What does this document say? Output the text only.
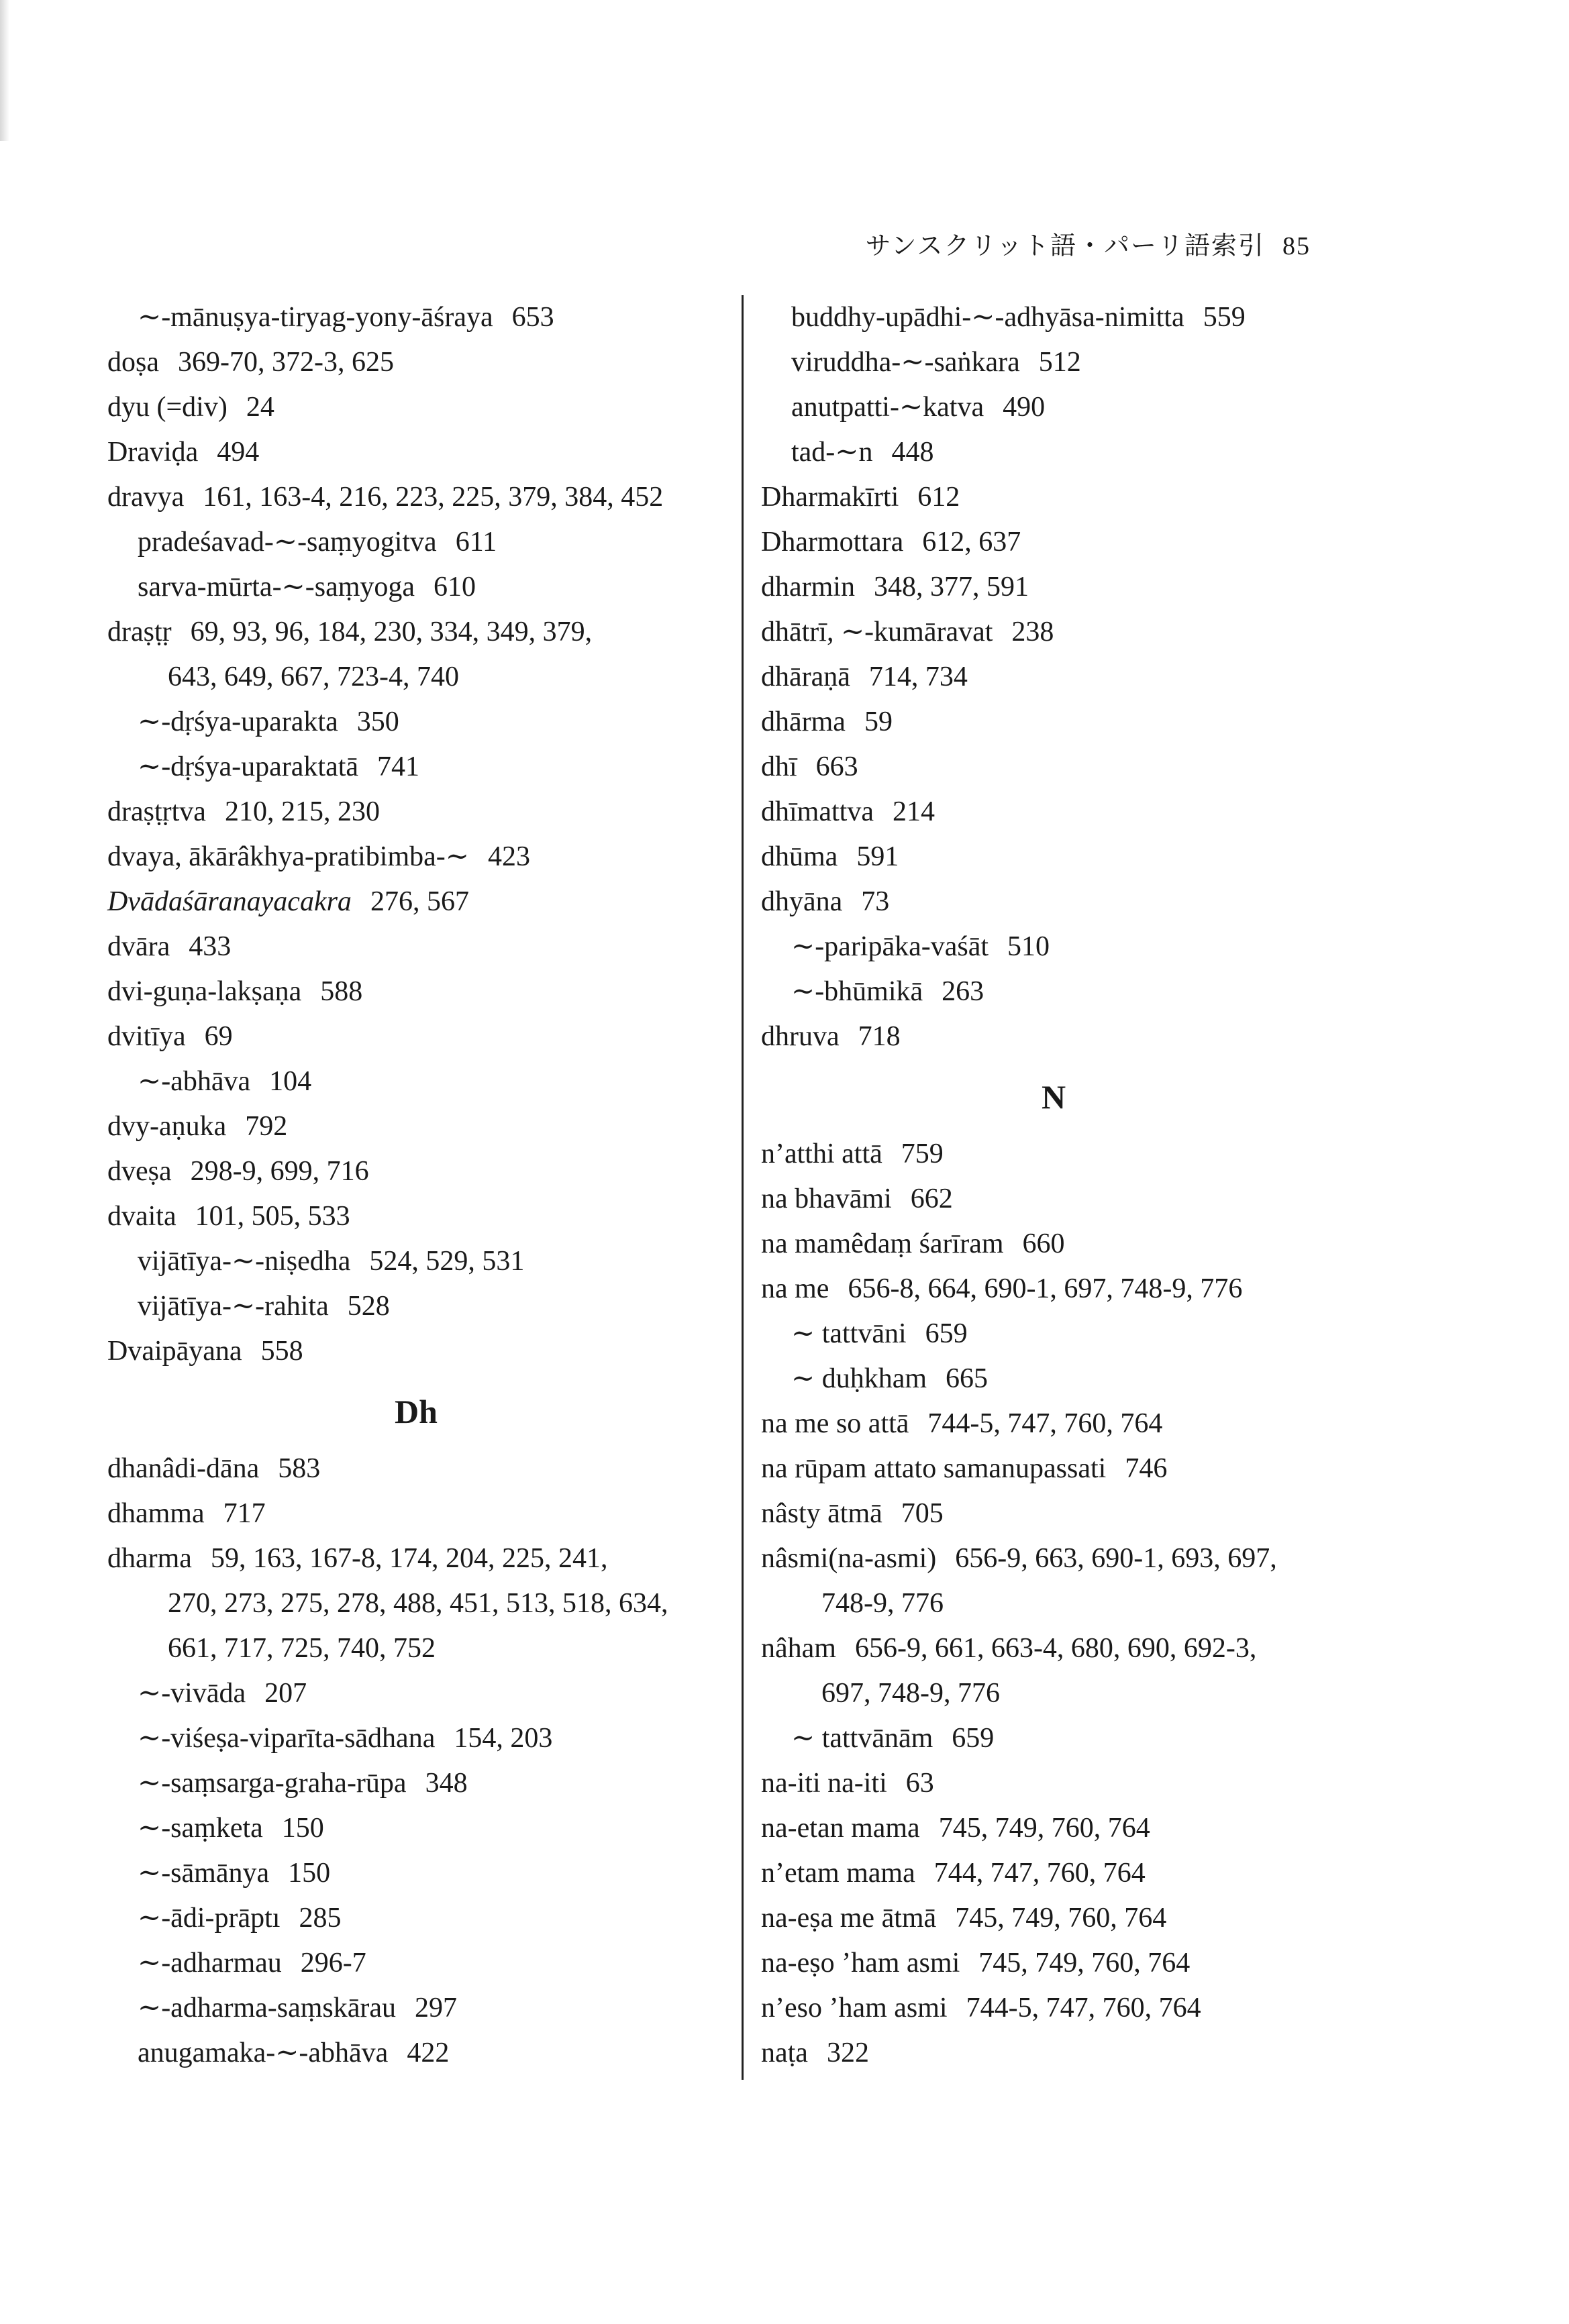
サンスクリット語・パーリ語索引 85
∼-mānuṣya-tiryag-yony-āśraya 653
doṣa 369-70, 372-3, 625
dyu (=div) 24
Draviḍa 494
dravya 161, 163-4, 216, 223, 225, 379, 384, 452
pradeśavad-∼-saṃyogitva 611
sarva-mūrta-∼-saṃyoga 610
draṣṭṛ 69, 93, 96, 184, 230, 334, 349, 379,
643, 649, 667, 723-4, 740
∼-dṛśya-uparakta 350
∼-dṛśya-uparaktatā 741
draṣṭṛtva 210, 215, 230
dvaya, ākārâkhya-pratibimba-∼ 423
Dvādaśāranayacakra 276, 567
dvāra 433
dvi-guṇa-lakṣaṇa 588
dvitīya 69
∼-abhāva 104
dvy-aṇuka 792
dveṣa 298-9, 699, 716
dvaita 101, 505, 533
vijātīya-∼-niṣedha 524, 529, 531
vijātīya-∼-rahita 528
Dvaipāyana 558
Dh
dhanâdi-dāna 583
dhamma 717
dharma 59, 163, 167-8, 174, 204, 225, 241,
270, 273, 275, 278, 488, 451, 513, 518, 634,
661, 717, 725, 740, 752
∼-vivāda 207
∼-viśeṣa-viparīta-sādhana 154, 203
∼-saṃsarga-graha-rūpa 348
∼-saṃketa 150
∼-sāmānya 150
∼-ādi-prāptı 285
∼-adharmau 296-7
∼-adharma-saṃskārau 297
anugamaka-∼-abhāva 422
buddhy-upādhi-∼-adhyāsa-nimitta 559
viruddha-∼-saṅkara 512
anutpatti-∼katva 490
tad-∼n 448
Dharmakīrti 612
Dharmottara 612, 637
dharmin 348, 377, 591
dhātrī, ∼-kumāravat 238
dhāraṇā 714, 734
dhārma 59
dhī 663
dhīmattva 214
dhūma 591
dhyāna 73
∼-paripāka-vaśāt 510
∼-bhūmikā 263
dhruva 718
N
n’atthi attā 759
na bhavāmi 662
na mamêdaṃ śarīram 660
na me 656-8, 664, 690-1, 697, 748-9, 776
∼ tattvāni 659
∼ duḥkham 665
na me so attā 744-5, 747, 760, 764
na rūpam attato samanupassati 746
nâsty ātmā 705
nâsmi(na-asmi) 656-9, 663, 690-1, 693, 697,
748-9, 776
nâham 656-9, 661, 663-4, 680, 690, 692-3,
697, 748-9, 776
∼ tattvānām 659
na-iti na-iti 63
na-etan mama 745, 749, 760, 764
n’etam mama 744, 747, 760, 764
na-eṣa me ātmā 745, 749, 760, 764
na-eṣo ’ham asmi 745, 749, 760, 764
n’eso ’ham asmi 744-5, 747, 760, 764
naṭa 322
